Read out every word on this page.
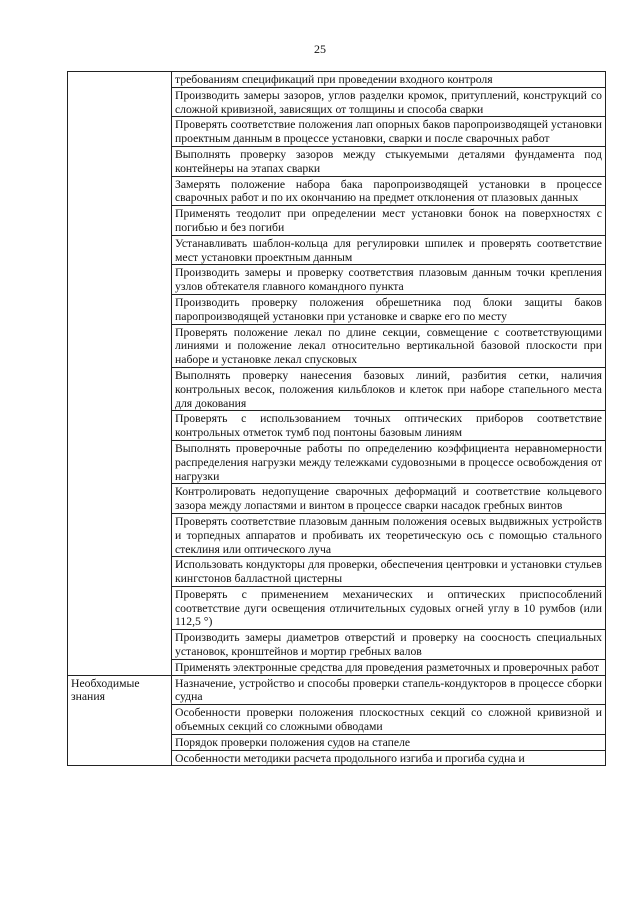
25
	требованиям спецификаций при проведении входного контроля
	Производить замеры зазоров, углов разделки кромок, притуплений, конструкций со сложной кривизной, зависящих от толщины и способа сварки
	Проверять соответствие положения лап опорных баков паропроизводящей установки проектным данным в процессе установки, сварки и после сварочных работ
	Выполнять проверку зазоров между стыкуемыми деталями фундамента под контейнеры на этапах сварки
	Замерять положение набора бака паропроизводящей установки в процессе сварочных работ и по их окончанию на предмет отклонения от плазовых данных
	Применять теодолит при определении мест установки бонок на поверхностях с погибью и без погиби
	Устанавливать шаблон-кольца для регулировки шпилек и проверять соответствие мест установки проектным данным
	Производить замеры и проверку соответствия плазовым данным точки крепления узлов обтекателя главного командного пункта
	Производить проверку положения обрешетника под блоки защиты баков паропроизводящей установки при установке и сварке его по месту
	Проверять положение лекал по длине секции, совмещение с соответствующими линиями и положение лекал относительно вертикальной базовой плоскости при наборе и установке лекал спусковых
	Выполнять проверку нанесения базовых линий, разбития сетки, наличия контрольных весок, положения кильблоков и клеток при наборе стапельного места для докования
	Проверять с использованием точных оптических приборов соответствие контрольных отметок тумб под понтоны базовым линиям
	Выполнять проверочные работы по определению коэффициента неравномерности распределения нагрузки между тележками судовозными в процессе освобождения от нагрузки
	Контролировать недопущение сварочных деформаций и соответствие кольцевого зазора между лопастями и винтом в процессе сварки насадок гребных винтов
	Проверять соответствие плазовым данным положения осевых выдвижных устройств и торпедных аппаратов и пробивать их теоретическую ось с помощью стального стеклиня или оптического луча
	Использовать кондукторы для проверки, обеспечения центровки и установки стульев кингстонов балластной цистерны
	Проверять с применением механических и оптических приспособлений соответствие дуги освещения отличительных судовых огней углу в 10 румбов (или 112,5 °)
	Производить замеры диаметров отверстий и проверку на соосность специальных установок, кронштейнов и мортир гребных валов
	Применять электронные средства для проведения разметочных и проверочных работ
Необходимые знания	Назначение, устройство и способы проверки стапель-кондукторов в процессе сборки судна
	Особенности проверки положения плоскостных секций со сложной кривизной и объемных секций со сложными обводами
	Порядок проверки положения судов на стапеле
	Особенности методики расчета продольного изгиба и прогиба судна и
